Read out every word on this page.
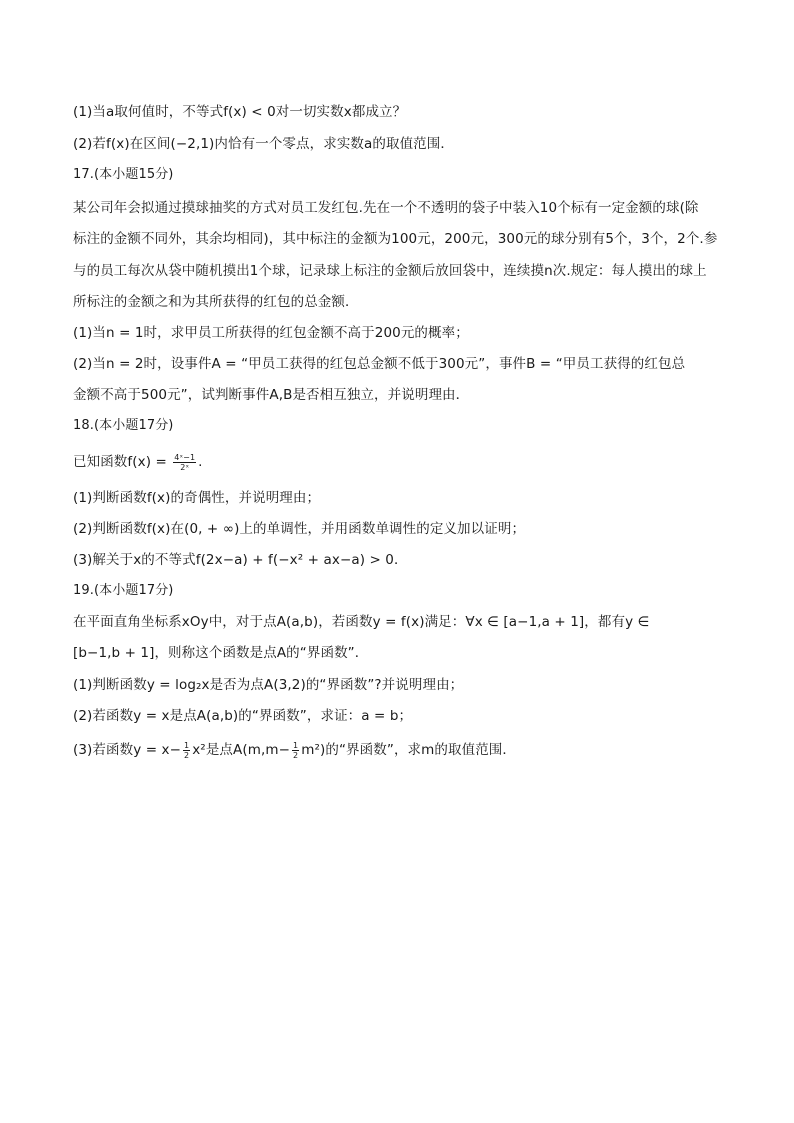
(1)当a取何值时，不等式f(x) < 0对一切实数x都成立？
(2)若f(x)在区间(−2,1)内恰有一个零点，求实数a的取值范围．
17.(本小题15分)
某公司年会拟通过摸球抽奖的方式对员工发红包.先在一个不透明的袋子中装入10个标有一定金额的球(除
标注的金额不同外，其余均相同)，其中标注的金额为100元，200元，300元的球分别有5个，3个，2个.参
与的员工每次从袋中随机摸出1个球，记录球上标注的金额后放回袋中，连续摸n次.规定：每人摸出的球上
所标注的金额之和为其所获得的红包的总金额．
(1)当n = 1时，求甲员工所获得的红包金额不高于200元的概率；
(2)当n = 2时，设事件A = “甲员工获得的红包总金额不低于300元”，事件B = “甲员工获得的红包总
金额不高于500元”，试判断事件A,B是否相互独立，并说明理由．
18.(本小题17分)
已知函数$f(x) = \frac{\text{4ˣ−1}}{\text{2ˣ}}$ .
(1)判断函数f(x)的奇偶性，并说明理由；
(2)判断函数f(x)在(0, + ∞)上的单调性，并用函数单调性的定义加以证明；
(3)解关于x的不等式f(2x−a) + f(−x² + ax−a) > 0．
19.(本小题17分)
在平面直角坐标系xOy中，对于点A(a,b)，若函数y = f(x)满足：∀x ∈ [a−1,a + 1]，都有y ∈
[b−1,b + 1]，则称这个函数是点A的“界函数”．
(1)判断函数y = log₂x是否为点A(3,2)的“界函数”?并说明理由；
(2)若函数y = x是点A(a,b)的“界函数”，求证：a = b；
(3)若函数$y = x- \frac{1}{2} x^2$是点$A(m,m- \frac{1}{2} m^2)$的“界函数”，求m的取值范围．
